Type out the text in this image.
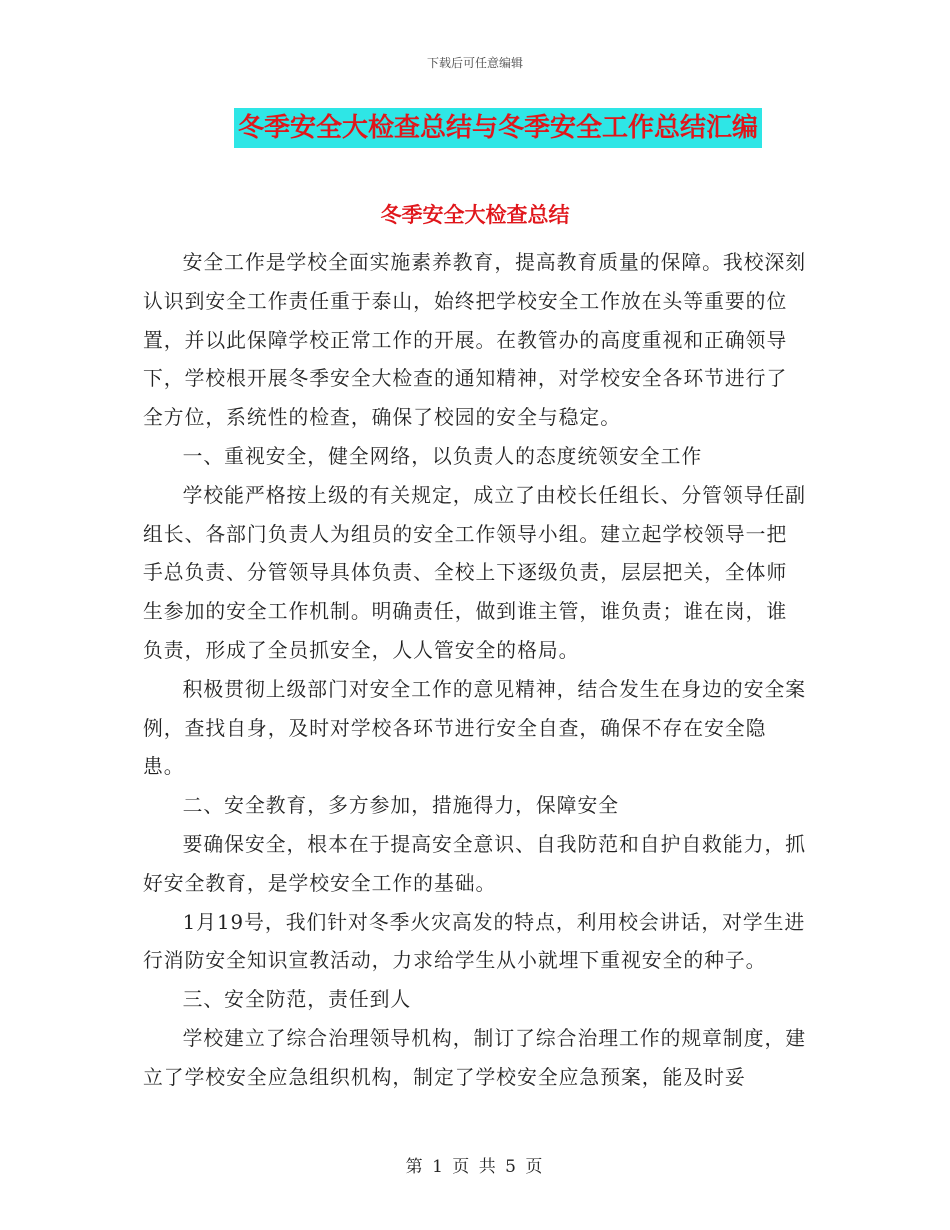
下载后可任意编辑
冬季安全大检查总结与冬季安全工作总结汇编
冬季安全大检查总结

安全工作是学校全面实施素养教育，提高教育质量的保障。我校深刻认识到安全工作责任重于泰山，始终把学校安全工作放在头等重要的位置，并以此保障学校正常工作的开展。在教管办的高度重视和正确领导下，学校根开展冬季安全大检查的通知精神，对学校安全各环节进行了全方位，系统性的检查，确保了校园的安全与稳定。

一、重视安全，健全网络，以负责人的态度统领安全工作

学校能严格按上级的有关规定，成立了由校长任组长、分管领导任副组长、各部门负责人为组员的安全工作领导小组。建立起学校领导一把手总负责、分管领导具体负责、全校上下逐级负责，层层把关，全体师生参加的安全工作机制。明确责任，做到谁主管，谁负责；谁在岗，谁负责，形成了全员抓安全，人人管安全的格局。

积极贯彻上级部门对安全工作的意见精神，结合发生在身边的安全案例，查找自身，及时对学校各环节进行安全自查，确保不存在安全隐患。

二、安全教育，多方参加，措施得力，保障安全

要确保安全，根本在于提高安全意识、自我防范和自护自救能力，抓好安全教育，是学校安全工作的基础。

1月19号，我们针对冬季火灾高发的特点，利用校会讲话，对学生进行消防安全知识宣教活动，力求给学生从小就埋下重视安全的种子。

三、安全防范，责任到人

学校建立了综合治理领导机构，制订了综合治理工作的规章制度，建立了学校安全应急组织机构，制定了学校安全应急预案，能及时妥

第 1 页 共 5 页
